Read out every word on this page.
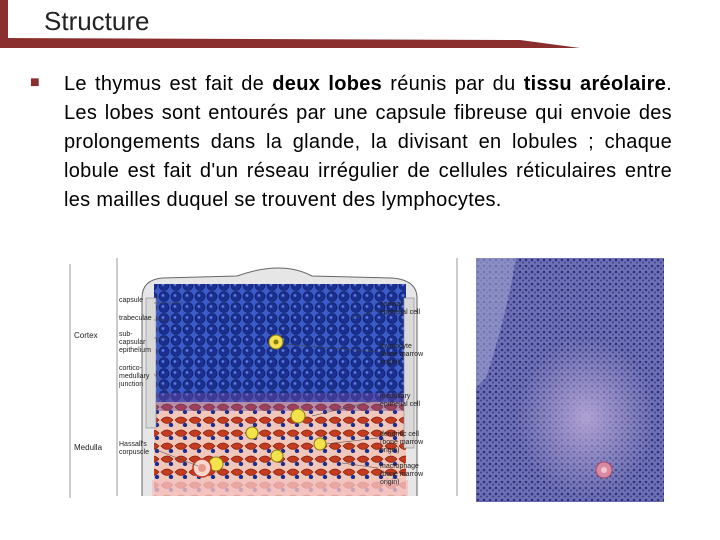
Structure
■ Le thymus est fait de deux lobes réunis par du tissu aréolaire. Les lobes sont entourés par une capsule fibreuse qui envoie des prolongements dans la glande, la divisant en lobules ; chaque lobule est fait d'un réseau irrégulier de cellules réticulaires entre les mailles duquel se trouvent des lymphocytes.
Cortex
Medulla
capsule
trabeculae
sub-
capsular
epithelium
cortico-
medullary
junction
Hassall's
corpuscle
cortical
epithelial cell
thymocyte
(bone marrow
origin)
medullary
epithelial cell
dendritic cell
(bone marrow
origin)
macrophage
(bone marrow
origin)
